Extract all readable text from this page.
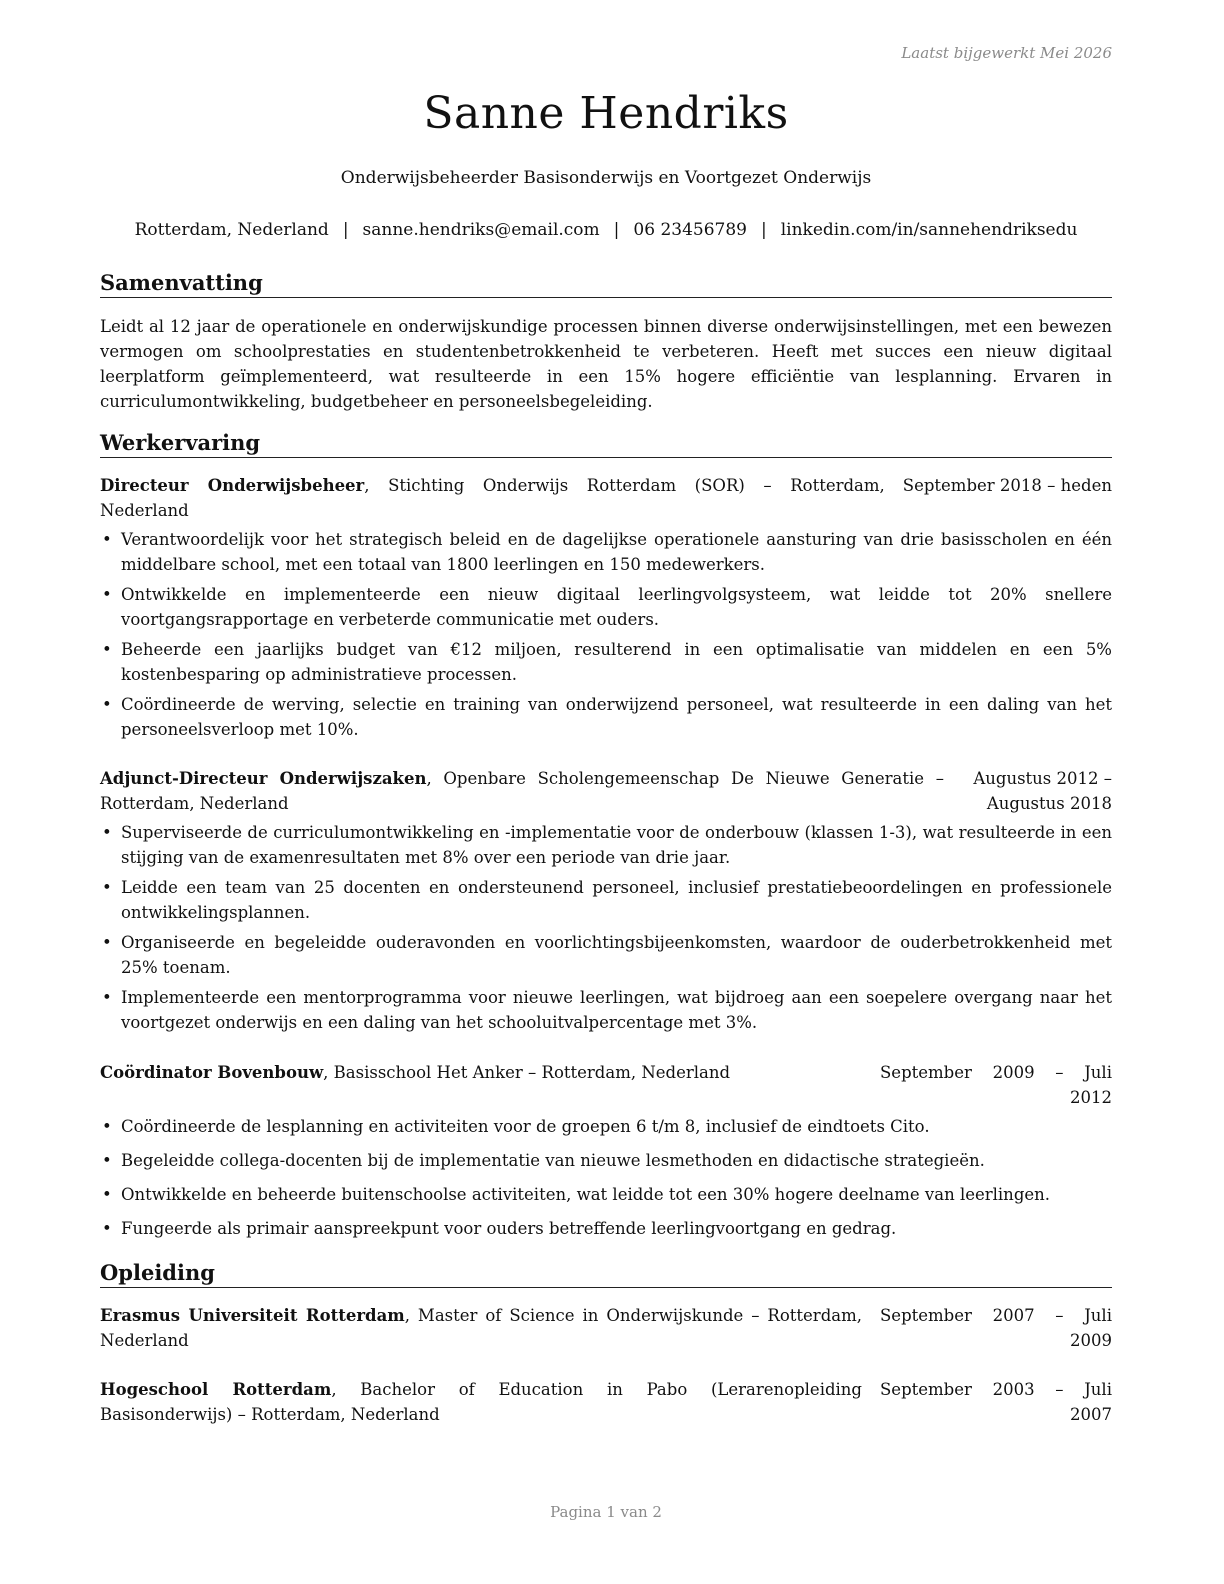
Laatst bijgewerkt Mei 2026
Sanne Hendriks
Onderwijsbeheerder Basisonderwijs en Voortgezet Onderwijs
Rotterdam, Nederland | sanne.hendriks@email.com | 06 23456789 | linkedin.com/in/sannehendriksedu
Samenvatting
Leidt al 12 jaar de operationele en onderwijskundige processen binnen diverse onderwijsinstellingen, met een bewezen vermogen om schoolprestaties en studentenbetrokkenheid te verbeteren. Heeft met succes een nieuw digitaal leerplatform geïmplementeerd, wat resulteerde in een 15% hogere efficiëntie van lesplanning. Ervaren in curriculumontwikkeling, budgetbeheer en personeelsbegeleiding.
Werkervaring
Directeur Onderwijsbeheer, Stichting Onderwijs Rotterdam (SOR) – Rotterdam, Nederland
September 2018 – heden
• Verantwoordelijk voor het strategisch beleid en de dagelijkse operationele aansturing van drie basisscholen en één middelbare school, met een totaal van 1800 leerlingen en 150 medewerkers.
• Ontwikkelde en implementeerde een nieuw digitaal leerlingvolgsysteem, wat leidde tot 20% snellere voortgangsrapportage en verbeterde communicatie met ouders.
• Beheerde een jaarlijks budget van €12 miljoen, resulterend in een optimalisatie van middelen en een 5% kostenbesparing op administratieve processen.
• Coördineerde de werving, selectie en training van onderwijzend personeel, wat resulteerde in een daling van het personeelsverloop met 10%.
Adjunct-Directeur Onderwijszaken, Openbare Scholengemeenschap De Nieuwe Generatie – Rotterdam, Nederland
Augustus 2012 – Augustus 2018
• Superviseerde de curriculumontwikkeling en -implementatie voor de onderbouw (klassen 1-3), wat resulteerde in een stijging van de examenresultaten met 8% over een periode van drie jaar.
• Leidde een team van 25 docenten en ondersteunend personeel, inclusief prestatiebeoordelingen en professionele ontwikkelingsplannen.
• Organiseerde en begeleidde ouderavonden en voorlichtingsbijeenkomsten, waardoor de ouderbetrokkenheid met 25% toenam.
• Implementeerde een mentorprogramma voor nieuwe leerlingen, wat bijdroeg aan een soepelere overgang naar het voortgezet onderwijs en een daling van het schooluitvalpercentage met 3%.
Coördinator Bovenbouw, Basisschool Het Anker – Rotterdam, Nederland	September 2009 – Juli 2012
• Coördineerde de lesplanning en activiteiten voor de groepen 6 t/m 8, inclusief de eindtoets Cito.
• Begeleidde collega-docenten bij de implementatie van nieuwe lesmethoden en didactische strategieën.
• Ontwikkelde en beheerde buitenschoolse activiteiten, wat leidde tot een 30% hogere deelname van leerlingen.
• Fungeerde als primair aanspreekpunt voor ouders betreffende leerlingvoortgang en gedrag.
Opleiding
Erasmus Universiteit Rotterdam, Master of Science in Onderwijskunde – Rotterdam, Nederland
September 2007 – Juli 2009
Hogeschool Rotterdam, Bachelor of Education in Pabo (Lerarenopleiding Basisonderwijs) – Rotterdam, Nederland
September 2003 – Juli 2007
Pagina 1 van 2
